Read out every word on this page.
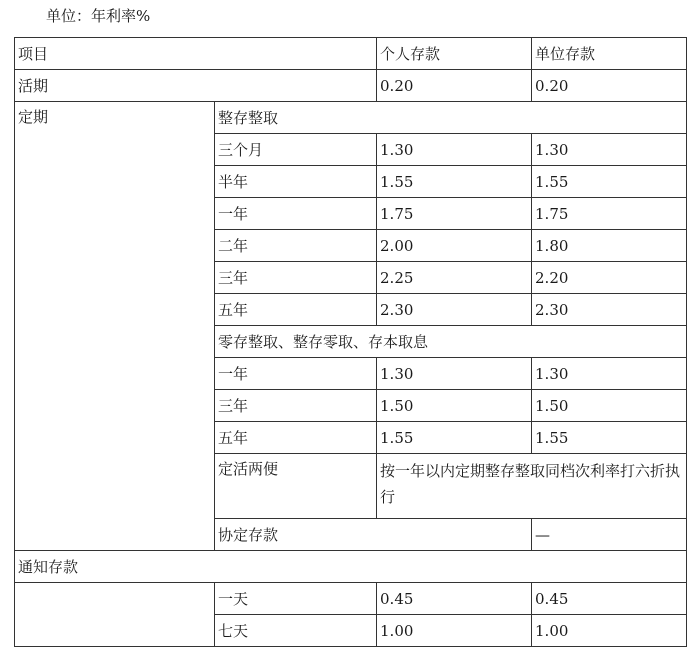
单位：年利率%
项目		个人存款	单位存款	
活期		0.20	0.20	
定期	整存整取			
	三个月	1.30	1.30	
	半年	1.55	1.55	
	一年	1.75	1.75	
	二年	2.00	1.80	
	三年	2.25	2.20	
	五年	2.30	2.30	
	零存整取、整存零取、存本取息			
	一年	1.30	1.30	
	三年	1.50	1.50	
	五年	1.55	1.55	
	定活两便	按一年以内定期整存整取同档次利率打六折执行		
	协定存款		—	
通知存款				
	一天	0.45	0.45	
	七天	1.00	1.00	
